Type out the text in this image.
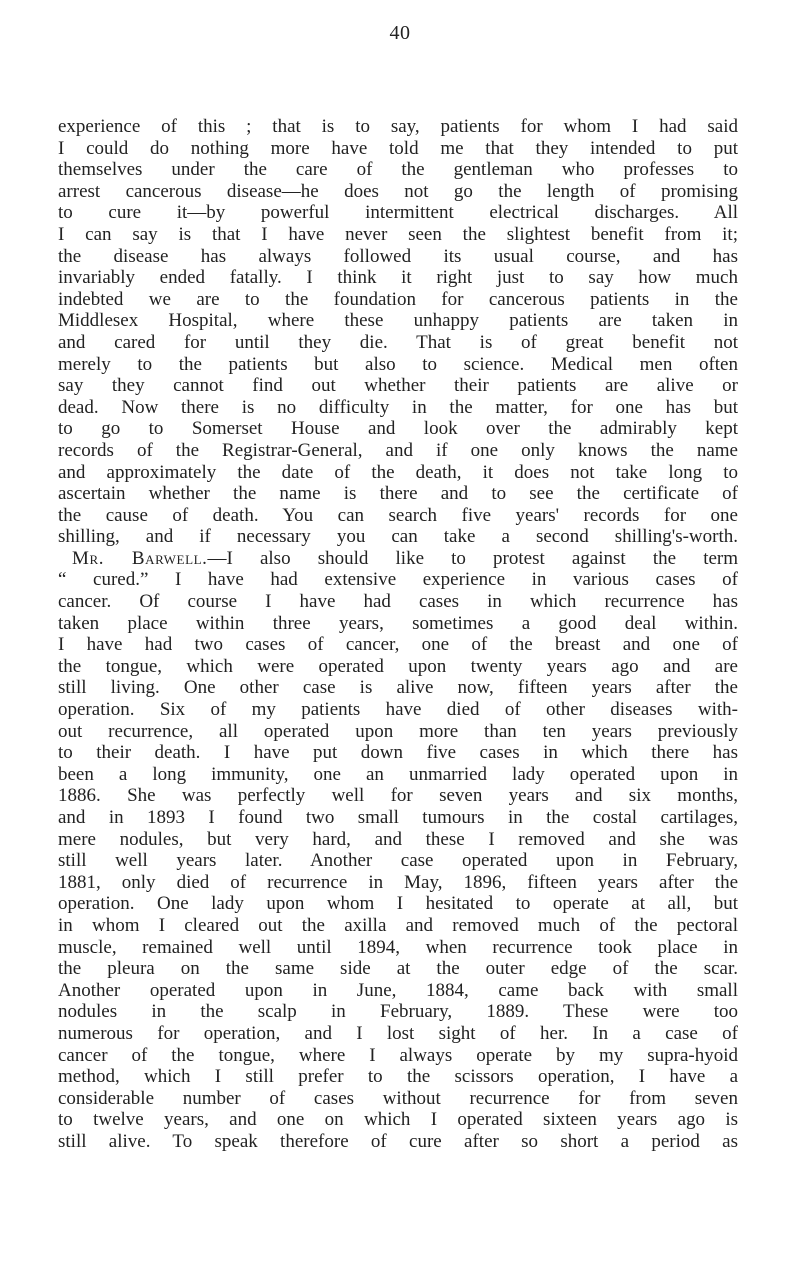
40
experience of this ; that is to say, patients for whom I had said
I could do nothing more have told me that they intended to put
themselves under the care of the gentleman who professes to
arrest cancerous disease—he does not go the length of promising
to cure it—by powerful intermittent electrical discharges. All
I can say is that I have never seen the slightest benefit from it;
the disease has always followed its usual course, and has
invariably ended fatally. I think it right just to say how much
indebted we are to the foundation for cancerous patients in the
Middlesex Hospital, where these unhappy patients are taken in
and cared for until they die. That is of great benefit not
merely to the patients but also to science. Medical men often
say they cannot find out whether their patients are alive or
dead. Now there is no difficulty in the matter, for one has but
to go to Somerset House and look over the admirably kept
records of the Registrar-General, and if one only knows the name
and approximately the date of the death, it does not take long to
ascertain whether the name is there and to see the certificate of
the cause of death. You can search five years' records for one
shilling, and if necessary you can take a second shilling's-worth.
Mr. Barwell.—I also should like to protest against the term
“ cured.” I have had extensive experience in various cases of
cancer. Of course I have had cases in which recurrence has
taken place within three years, sometimes a good deal within.
I have had two cases of cancer, one of the breast and one of
the tongue, which were operated upon twenty years ago and are
still living. One other case is alive now, fifteen years after the
operation. Six of my patients have died of other diseases with-
out recurrence, all operated upon more than ten years previously
to their death. I have put down five cases in which there has
been a long immunity, one an unmarried lady operated upon in
1886. She was perfectly well for seven years and six months,
and in 1893 I found two small tumours in the costal cartilages,
mere nodules, but very hard, and these I removed and she was
still well years later. Another case operated upon in February,
1881, only died of recurrence in May, 1896, fifteen years after the
operation. One lady upon whom I hesitated to operate at all, but
in whom I cleared out the axilla and removed much of the pectoral
muscle, remained well until 1894, when recurrence took place in
the pleura on the same side at the outer edge of the scar.
Another operated upon in June, 1884, came back with small
nodules in the scalp in February, 1889. These were too
numerous for operation, and I lost sight of her. In a case of
cancer of the tongue, where I always operate by my supra-hyoid
method, which I still prefer to the scissors operation, I have a
considerable number of cases without recurrence for from seven
to twelve years, and one on which I operated sixteen years ago is
still alive. To speak therefore of cure after so short a period as
